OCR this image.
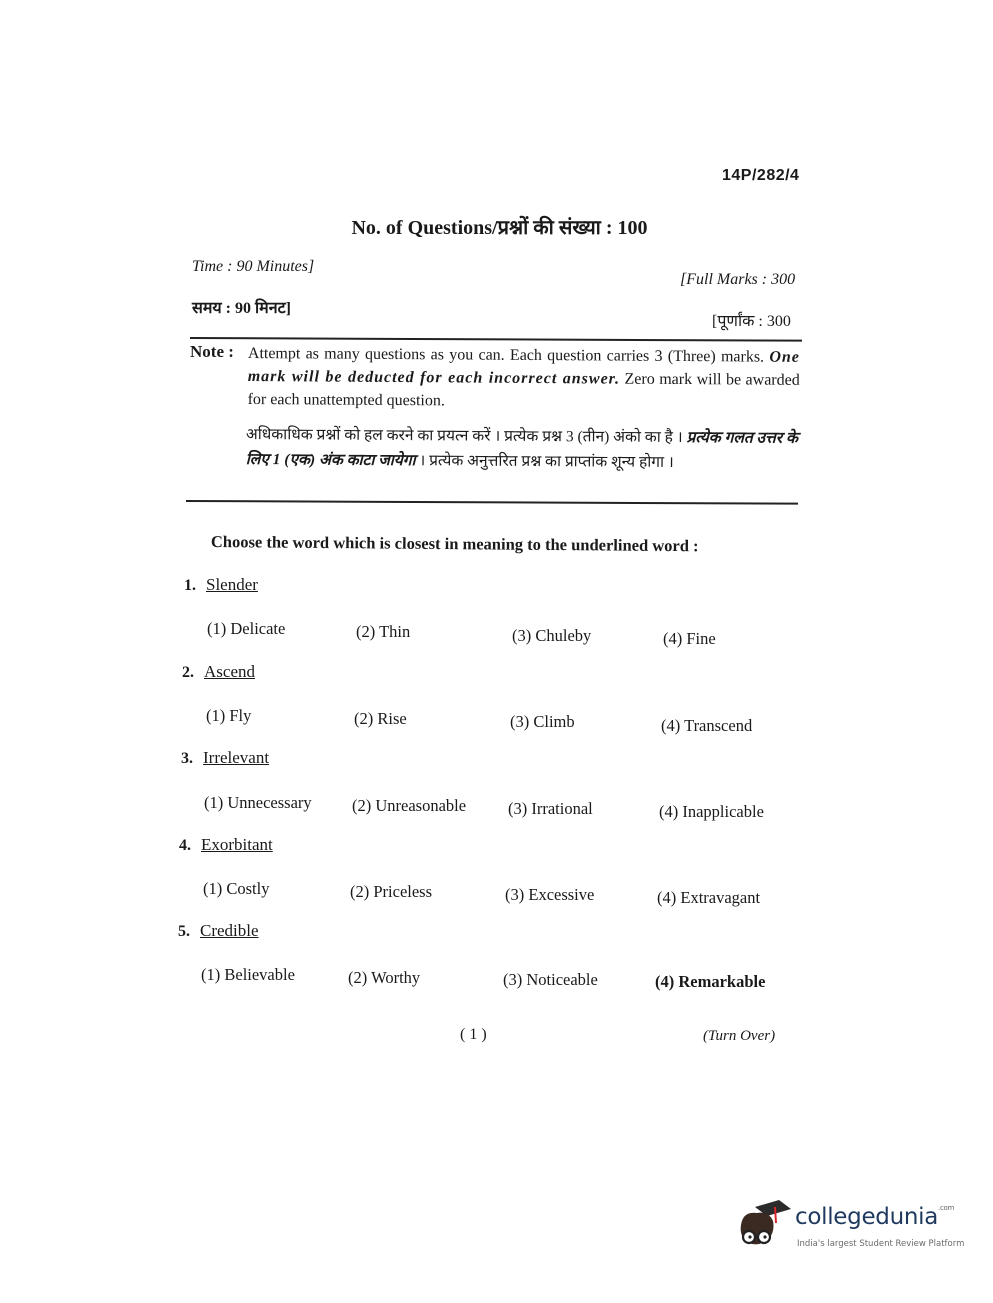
14P/282/4
No. of Questions/प्रश्नों की संख्या : 100
Time : 90 Minutes]
समय : 90 मिनट]
[Full Marks : 300
[पूर्णांक : 300
Note : Attempt as many questions as you can. Each question carries 3 (Three) marks. One mark will be deducted for each incorrect answer. Zero mark will be awarded for each unattempted question.
अधिकाधिक प्रश्नों को हल करने का प्रयत्न करें । प्रत्येक प्रश्न 3 (तीन) अंको का है । प्रत्येक गलत उत्तर के लिए 1 (एक) अंक काटा जायेगा । प्रत्येक अनुत्तरित प्रश्न का प्राप्तांक शून्य होगा ।
Choose the word which is closest in meaning to the underlined word :
1. Slender
(1) Delicate	(2) Thin	(3) Chuleby	(4) Fine
2. Ascend
(1) Fly	(2) Rise	(3) Climb	(4) Transcend
3. Irrelevant
(1) Unnecessary (2) Unreasonable	(3) Irrational	(4) Inapplicable
4. Exorbitant
(1) Costly	(2) Priceless	(3) Excessive	(4) Extravagant
5. Credible
(1) Believable	(2) Worthy	(3) Noticeable	(4) Remarkable
( 1 )	(Turn Over)
collegedunia$^{.com}$
India's largest Student Review Platform
